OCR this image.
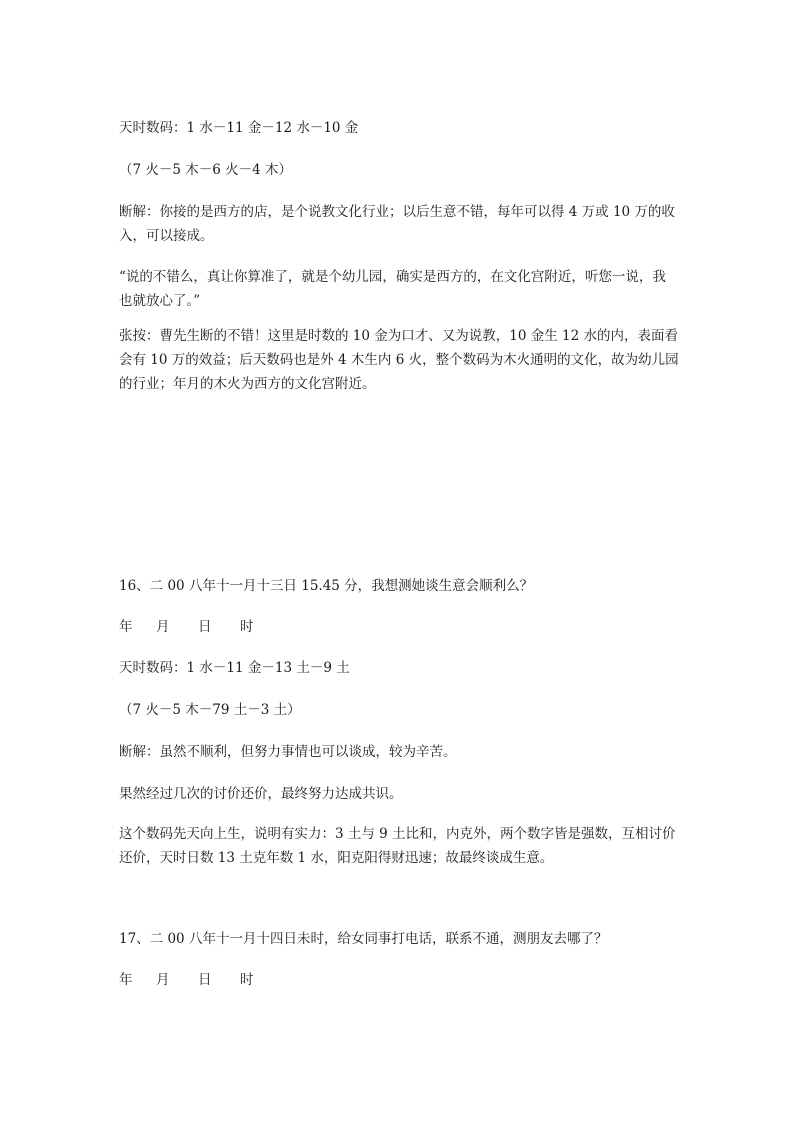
天时数码：1 水－11 金－12 水－10 金
（7 火－5 木－6 火－4 木）
断解：你接的是西方的店，是个说教文化行业；以后生意不错，每年可以得 4 万或 10 万的收入，可以接成。
“说的不错么，真让你算准了，就是个幼儿园，确实是西方的，在文化宫附近，听您一说，我也就放心了。”
张按：曹先生断的不错！这里是时数的 10 金为口才、又为说教，10 金生 12 水的内，表面看会有 10 万的效益；后天数码也是外 4 木生内 6 火，整个数码为木火通明的文化，故为幼儿园的行业；年月的木火为西方的文化宫附近。
16、二 00 八年十一月十三日 15.45 分，我想测她谈生意会顺利么？
年 月 日 时
天时数码：1 水－11 金－13 土－9 土
（7 火－5 木－79 土－3 土）
断解：虽然不顺利，但努力事情也可以谈成，较为辛苦。
果然经过几次的讨价还价，最终努力达成共识。
这个数码先天向上生，说明有实力：3 土与 9 土比和，内克外，两个数字皆是强数，互相讨价还价，天时日数 13 土克年数 1 水，阳克阳得财迅速；故最终谈成生意。
17、二 00 八年十一月十四日未时，给女同事打电话，联系不通，测朋友去哪了？
年 月 日 时
